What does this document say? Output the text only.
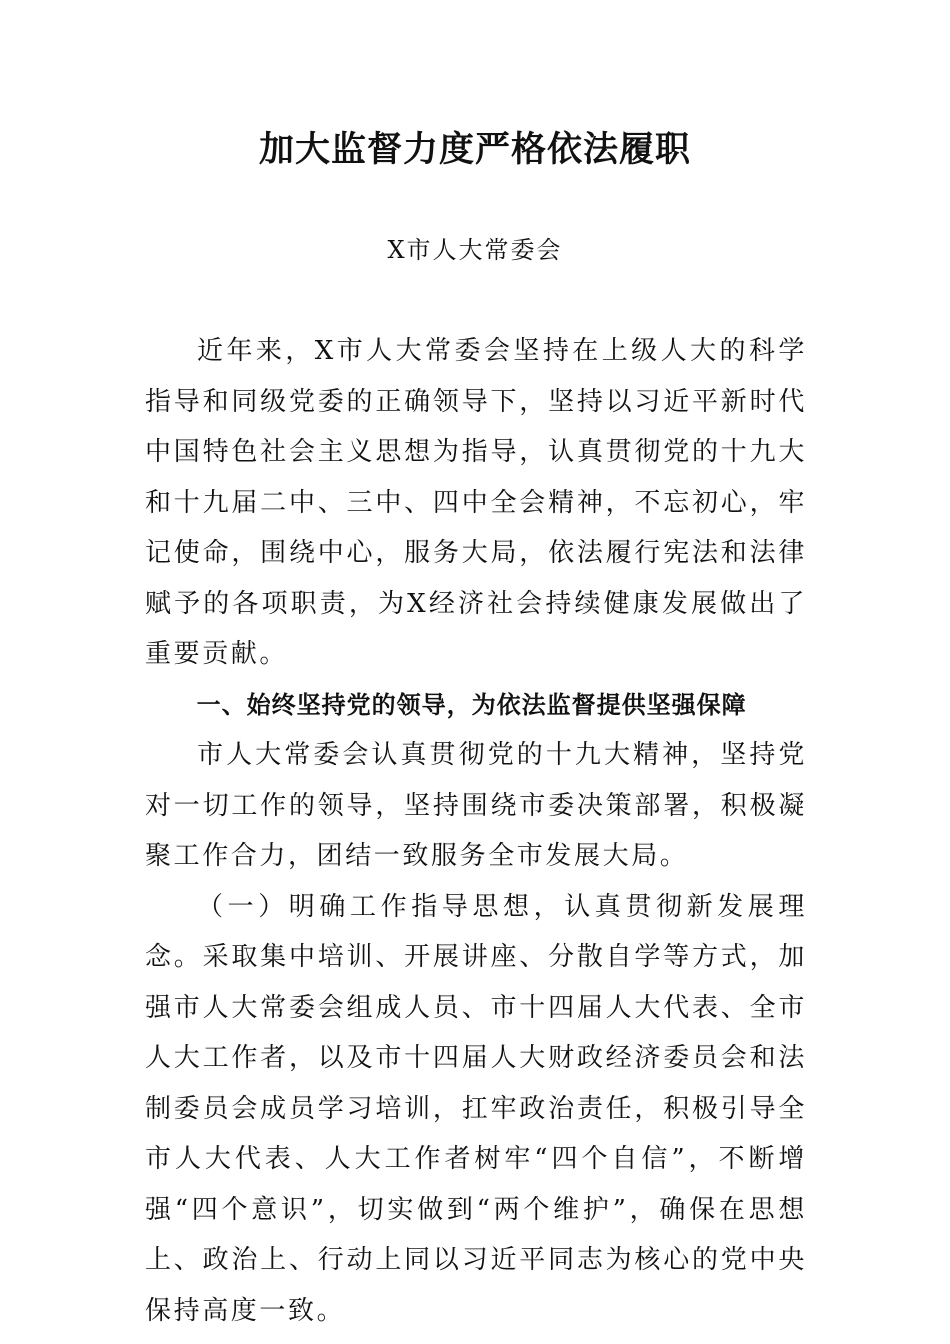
加大监督力度严格依法履职
X市人大常委会

近年来，X市人大常委会坚持在上级人大的科学指导和同级党委的正确领导下，坚持以习近平新时代中国特色社会主义思想为指导，认真贯彻党的十九大和十九届二中、三中、四中全会精神，不忘初心，牢记使命，围绕中心，服务大局，依法履行宪法和法律赋予的各项职责，为X经济社会持续健康发展做出了重要贡献。

一、始终坚持党的领导，为依法监督提供坚强保障

市人大常委会认真贯彻党的十九大精神，坚持党对一切工作的领导，坚持围绕市委决策部署，积极凝聚工作合力，团结一致服务全市发展大局。

（一）明确工作指导思想，认真贯彻新发展理念。采取集中培训、开展讲座、分散自学等方式，加强市人大常委会组成人员、市十四届人大代表、全市人大工作者，以及市十四届人大财政经济委员会和法制委员会成员学习培训，扛牢政治责任，积极引导全市人大代表、人大工作者树牢“四个自信”，不断增强“四个意识”，切实做到“两个维护”，确保在思想上、政治上、行动上同以习近平同志为核心的党中央保持高度一致。
